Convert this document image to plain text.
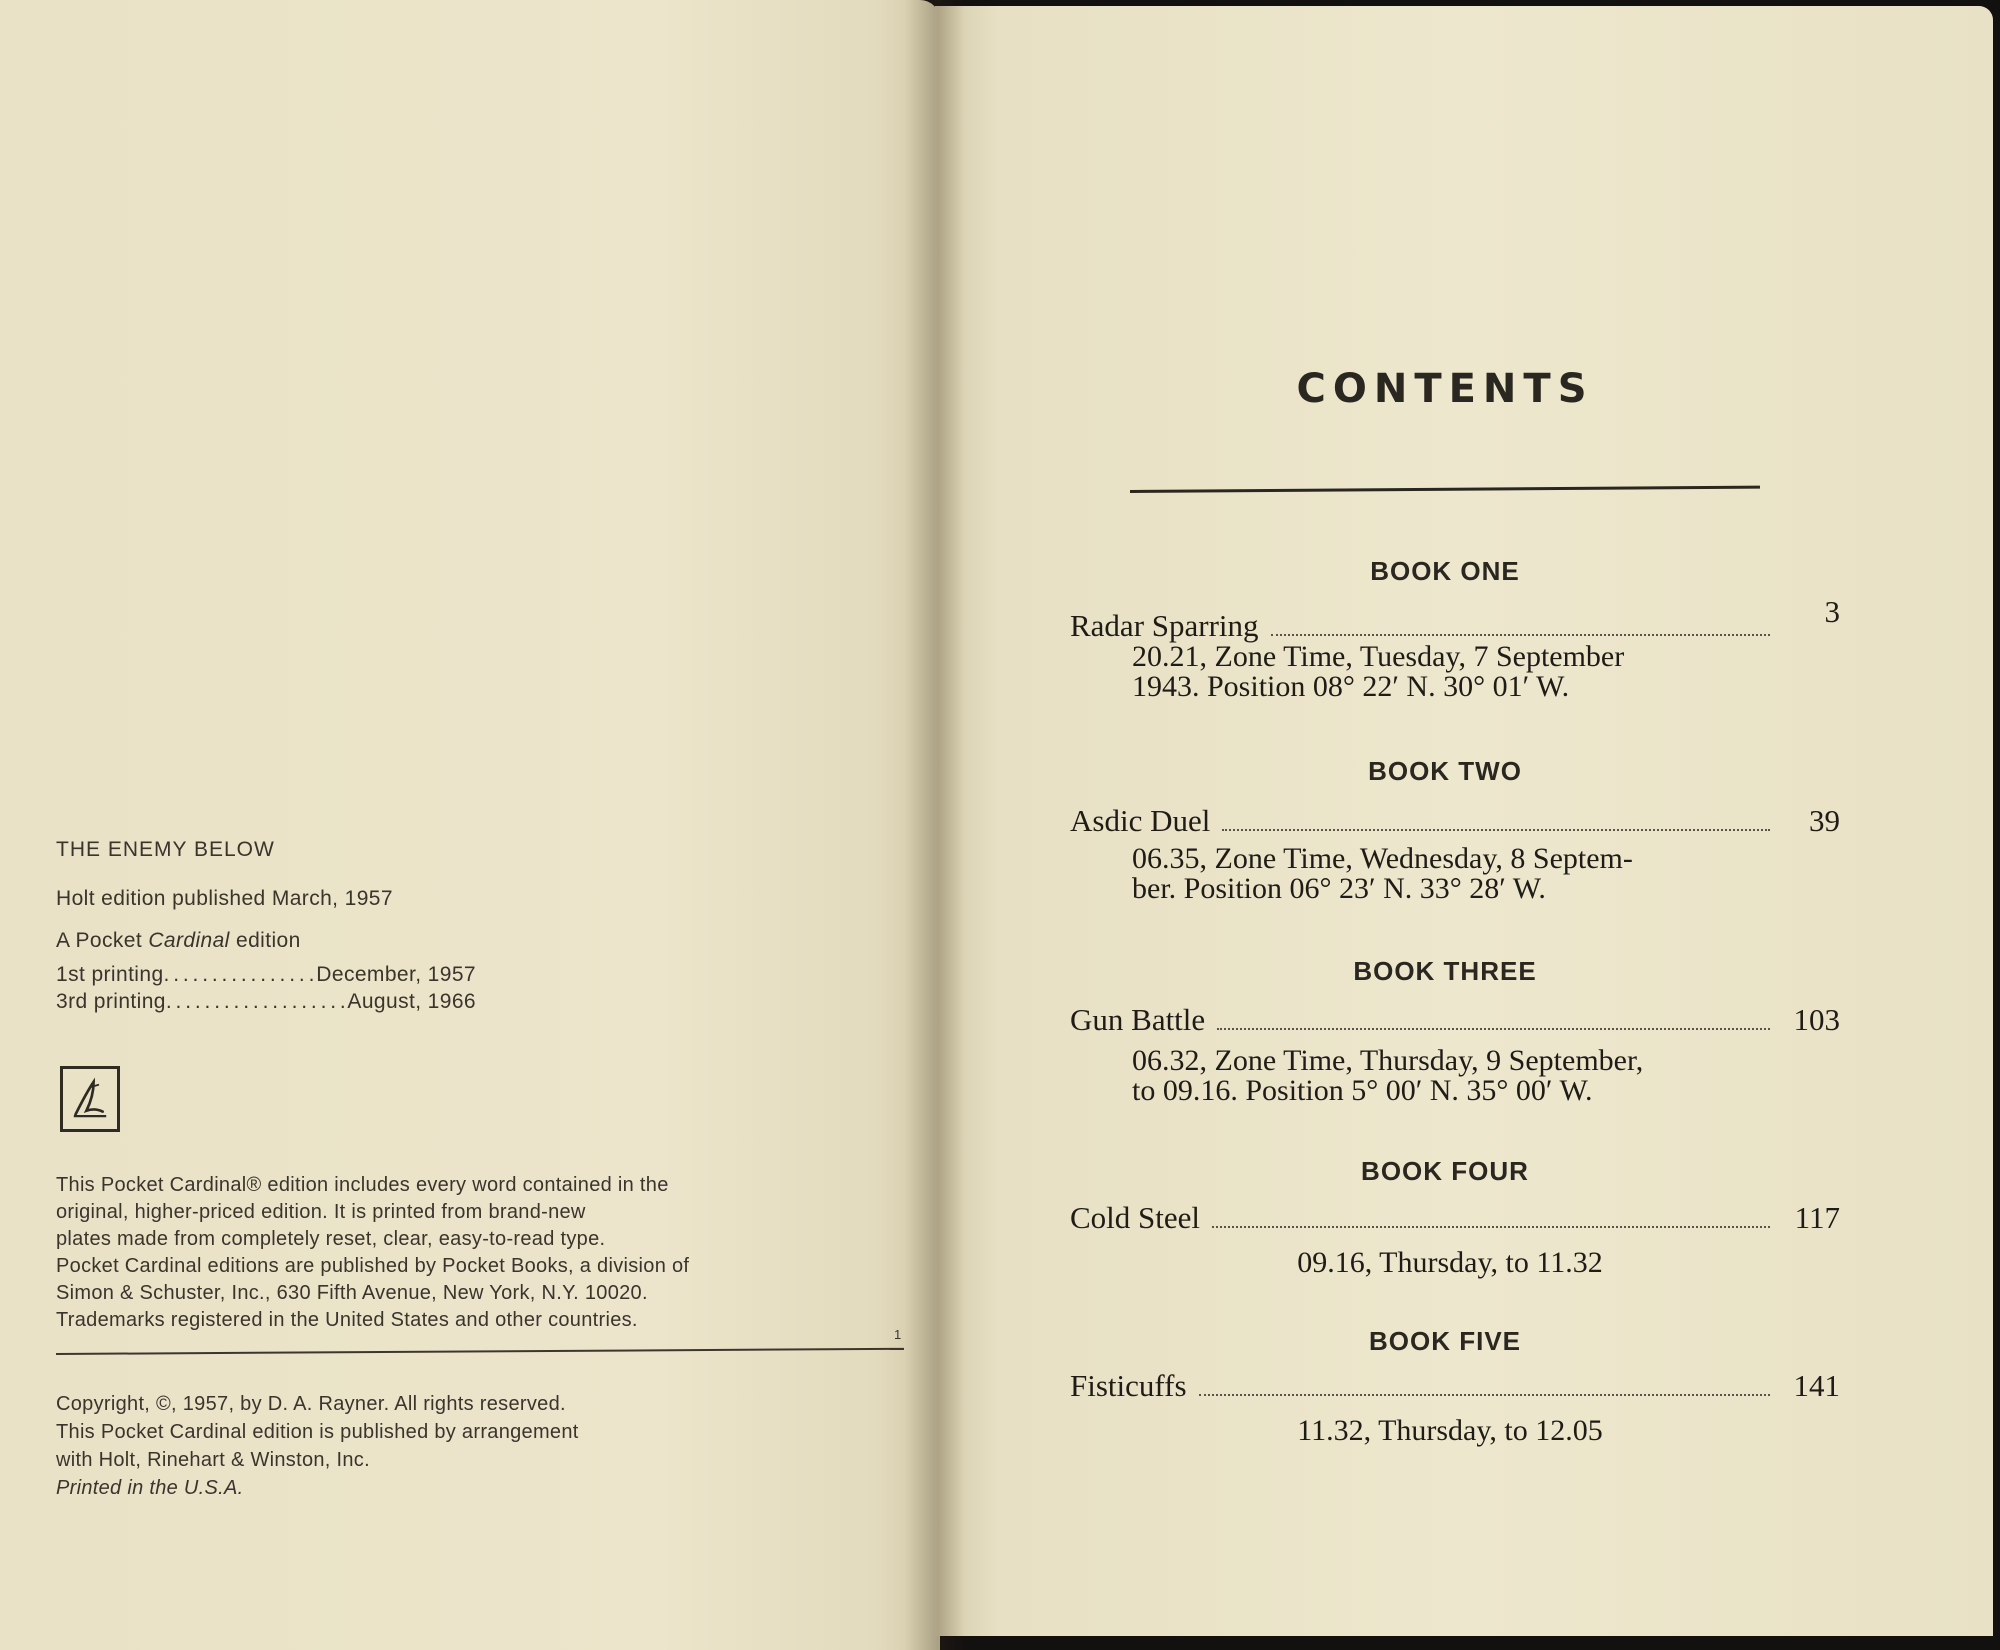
THE ENEMY BELOW
Holt edition published March, 1957
A Pocket Cardinal edition
1st printing . . .	December, 1957
3rd printing . . .	August, 1966
This Pocket Cardinal® edition includes every word contained in the
original, higher-priced edition. It is printed from brand-new
plates made from completely reset, clear, easy-to-read type.
Pocket Cardinal editions are published by Pocket Books, a division of
Simon & Schuster, Inc., 630 Fifth Avenue, New York, N.Y. 10020.
Trademarks registered in the United States and other countries.
1
Copyright, ©, 1957, by D. A. Rayner. All rights reserved.
This Pocket Cardinal edition is published by arrangement
with Holt, Rinehart & Winston, Inc.
Printed in the U.S.A.
CONTENTS
BOOK ONE
Radar Sparring	3
20.21, Zone Time, Tuesday, 7 September
1943. Position 08° 22′ N. 30° 01′ W.
BOOK TWO
Asdic Duel	39
06.35, Zone Time, Wednesday, 8 Septem-
ber. Position 06° 23′ N. 33° 28′ W.
BOOK THREE
Gun Battle	103
06.32, Zone Time, Thursday, 9 September,
to 09.16. Position 5° 00′ N. 35° 00′ W.
BOOK FOUR
Cold Steel	117
09.16, Thursday, to 11.32
BOOK FIVE
Fisticuffs	141
11.32, Thursday, to 12.05
